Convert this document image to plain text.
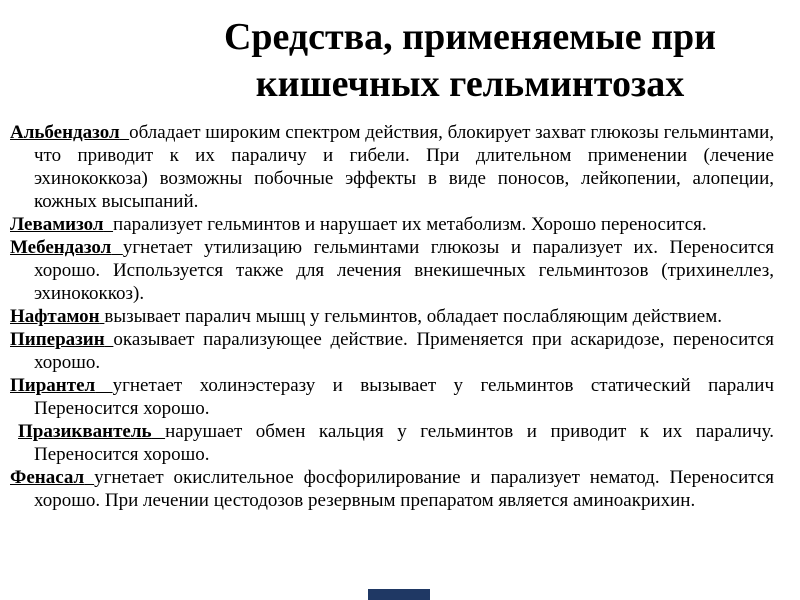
Средства, применяемые при
кишечных гельминтозах

Альбендазол обладает широким спектром действия, блокирует захват глюкозы гельминтами, что приводит к их параличу и гибели. При длительном применении (лечение эхинококкоза) возможны побочные эффекты в виде поносов, лейкопении, алопеции, кожных высыпаний.

Левамизол парализует гельминтов и нарушает их метаболизм. Хорошо переносится.

Мебендазол угнетает утилизацию гельминтами глюкозы и парализует их. Переносится хорошо. Используется также для лечения внекишечных гельминтозов (трихинеллез, эхинококкоз).

Нафтамон вызывает паралич мышц у гельминтов, обладает послабляющим действием.

Пиперазин оказывает парализующее действие. Применяется при аскаридозе, переносится хорошо.

Пирантел угнетает холинэстеразу и вызывает у гельминтов статический паралич Переносится хорошо.

Празиквантель нарушает обмен кальция у гельминтов и приводит к их параличу. Переносится хорошо.

Фенасал угнетает окислительное фосфорилирование и парализует нематод. Переносится хорошо. При лечении цестодозов резервным препаратом является аминоакрихин.
